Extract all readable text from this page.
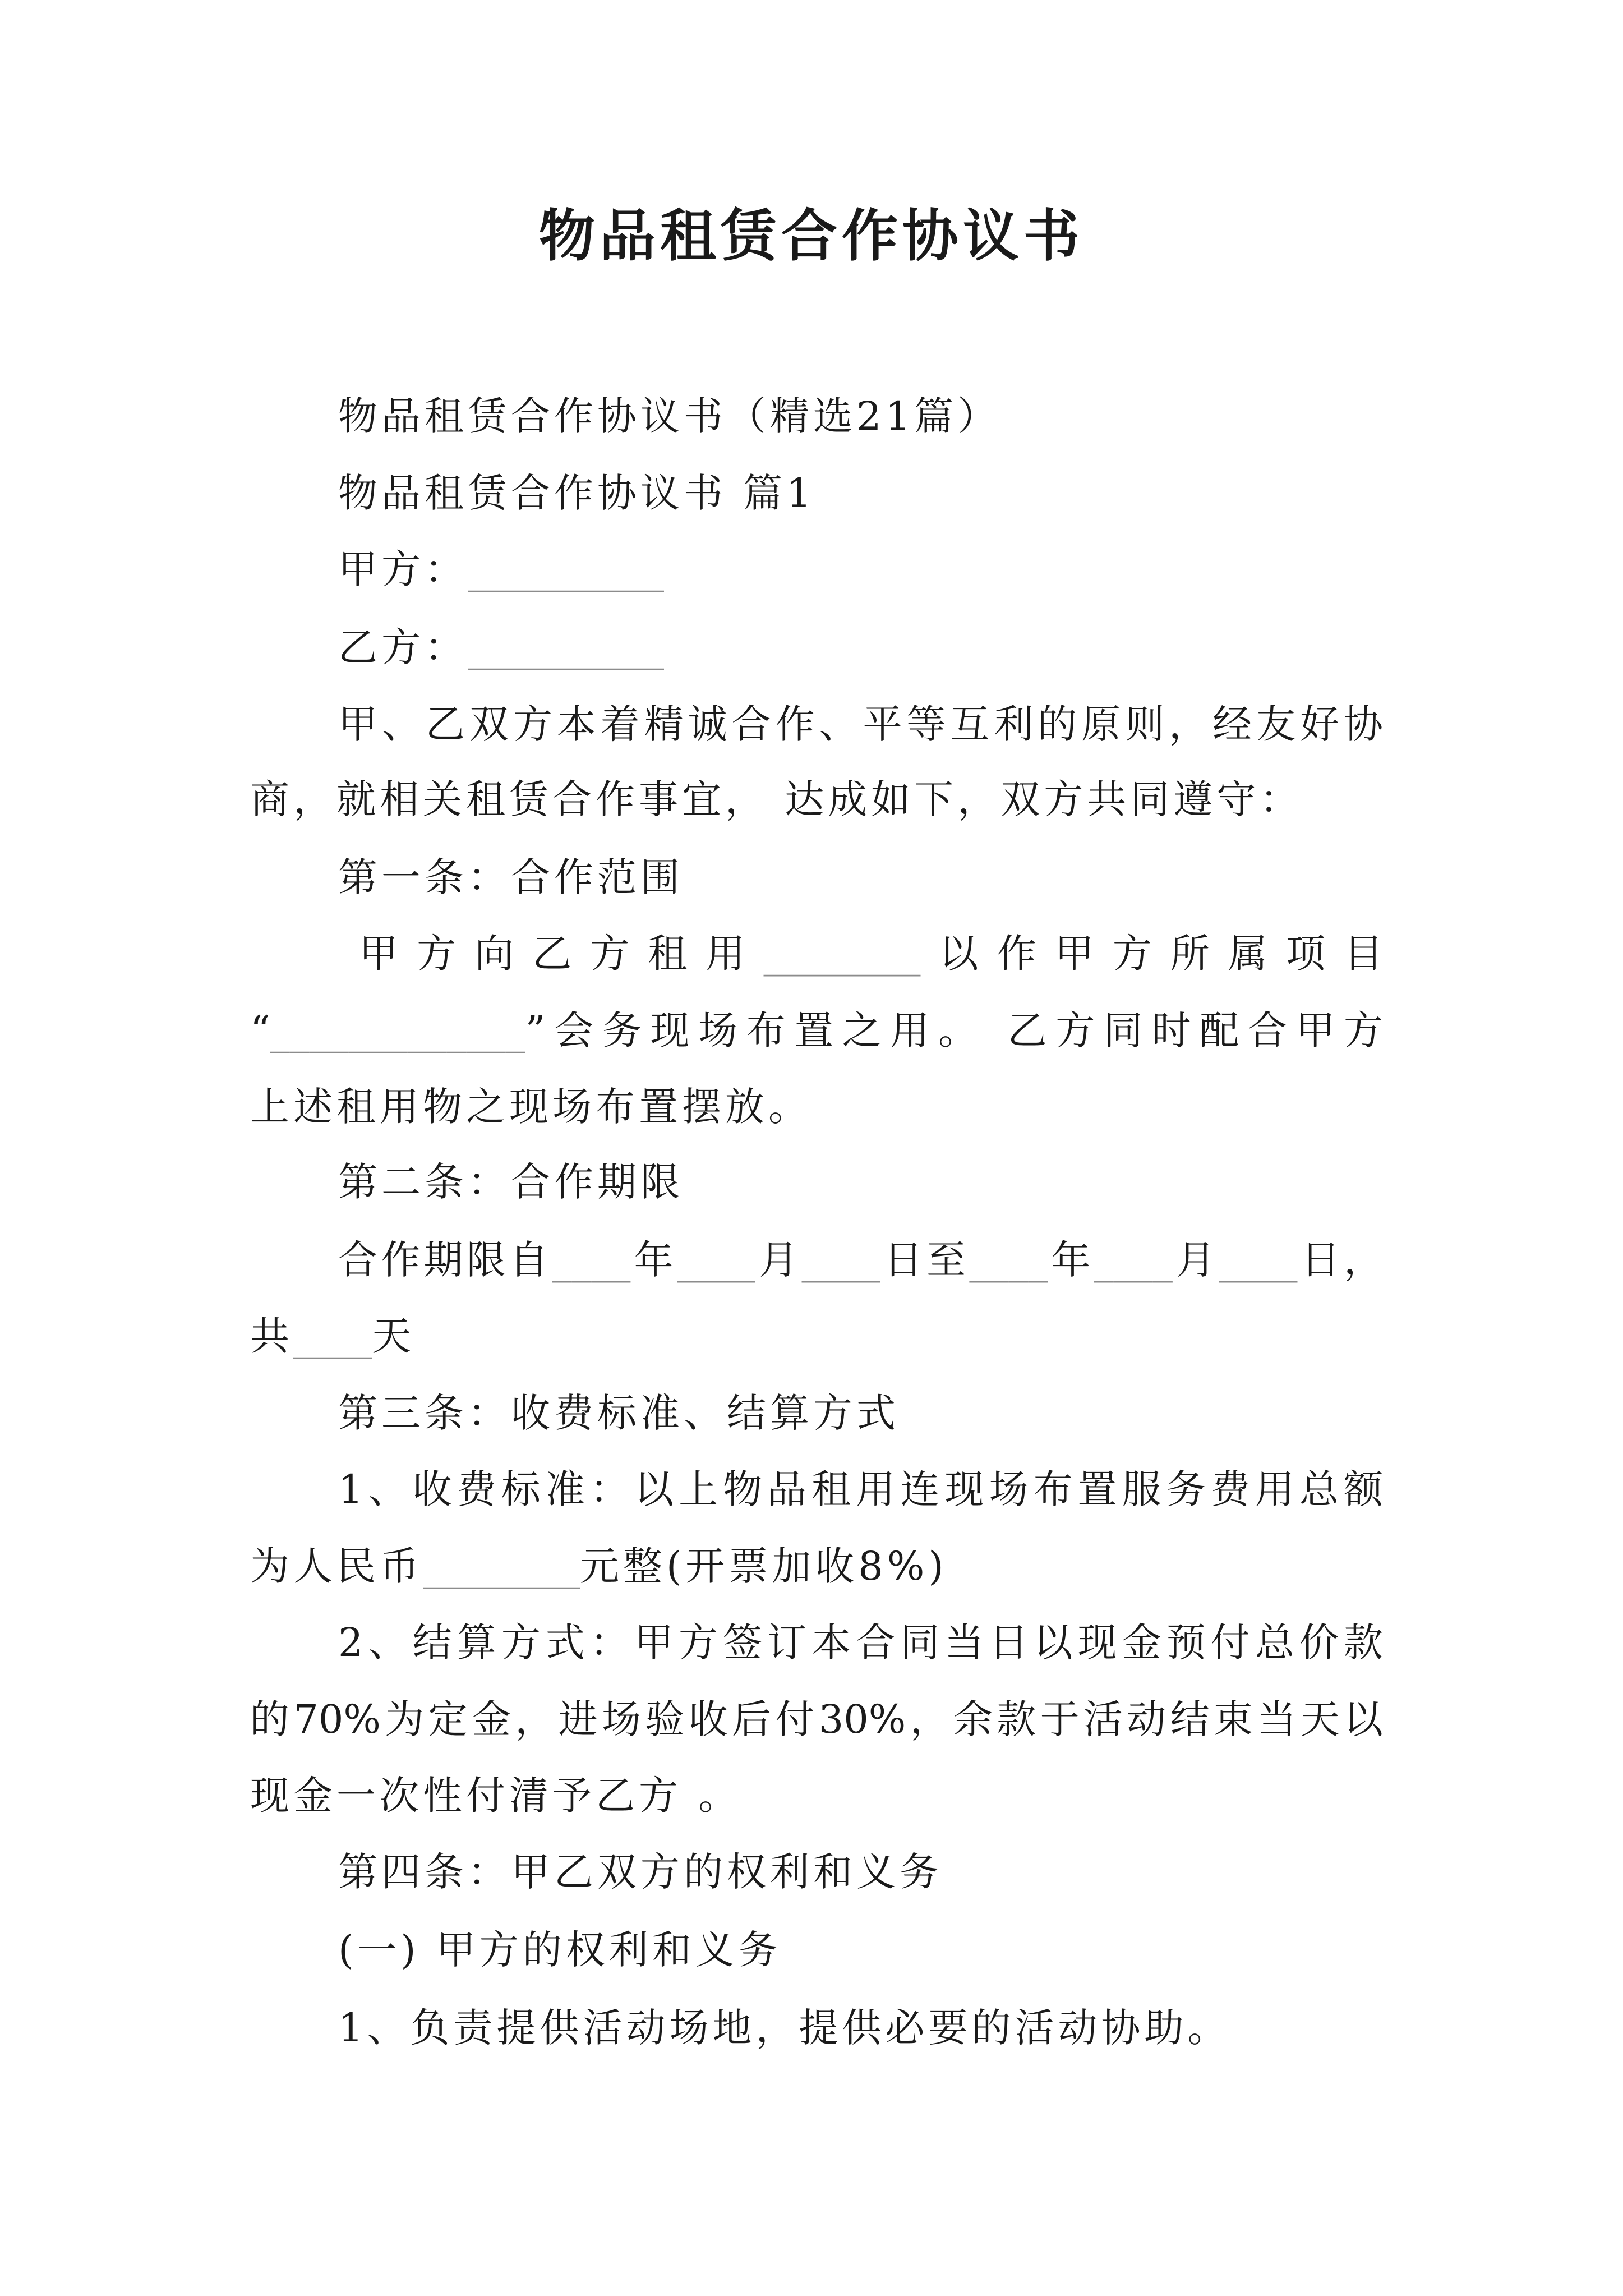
物品租赁合作协议书
物品租赁合作协议书（精选21篇）
物品租赁合作协议书 篇1
甲方：__________
乙方：__________
甲、乙双方本着精诚合作、平等互利的原则，经友好协
商，就相关租赁合作事宜， 达成如下，双方共同遵守：
第一条：合作范围
甲方向乙方租用________以作甲方所属项目
“_____________”会务现场布置之用。 乙方同时配合甲方
上述租用物之现场布置摆放。
第二条：合作期限
合作期限自____年____月____日至____年____月____日，
共____天
第三条：收费标准、结算方式
1、收费标准：以上物品租用连现场布置服务费用总额
为人民币________元整(开票加收8%)
2、结算方式：甲方签订本合同当日以现金预付总价款
的70%为定金，进场验收后付30%，余款于活动结束当天以
现金一次性付清予乙方 。
第四条：甲乙双方的权利和义务
(一) 甲方的权利和义务
1、负责提供活动场地，提供必要的活动协助。
